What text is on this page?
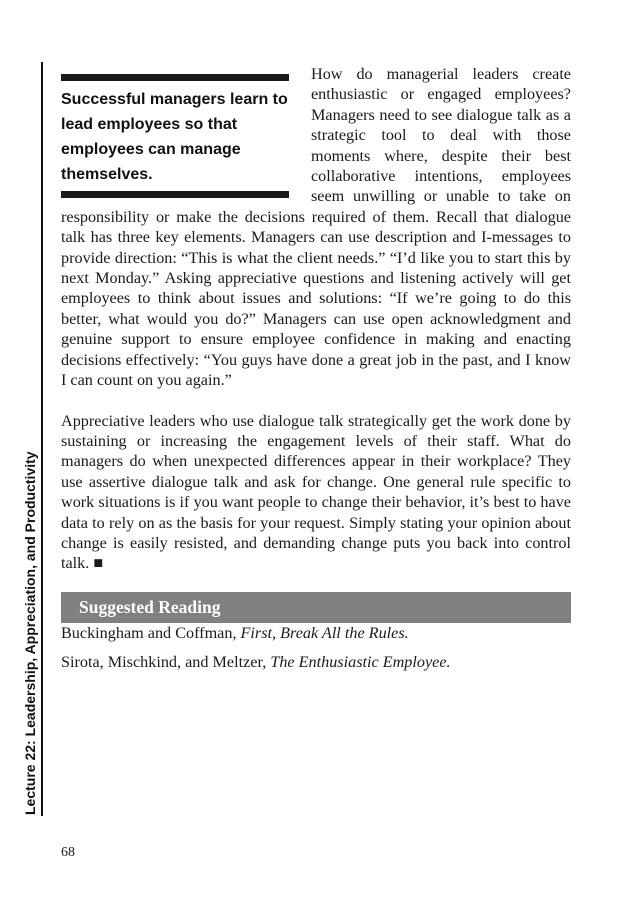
Lecture 22: Leadership, Appreciation, and Productivity

Successful managers learn to lead employees so that employees can manage themselves.
How do managerial leaders create enthusiastic or engaged employees? Managers need to see dialogue talk as a strategic tool to deal with those moments where, despite their best collaborative intentions, employees seem unwilling or unable to take on responsibility or make the decisions required of them. Recall that dialogue talk has three key elements. Managers can use description and I-messages to provide direction: “This is what the client needs.” “I’d like you to start this by next Monday.” Asking appreciative questions and listening actively will get employees to think about issues and solutions: “If we’re going to do this better, what would you do?” Managers can use open acknowledgment and genuine support to ensure employee confidence in making and enacting decisions effectively: “You guys have done a great job in the past, and I know I can count on you again.”

Appreciative leaders who use dialogue talk strategically get the work done by sustaining or increasing the engagement levels of their staff. What do managers do when unexpected differences appear in their workplace? They use assertive dialogue talk and ask for change. One general rule specific to work situations is if you want people to change their behavior, it’s best to have data to rely on as the basis for your request. Simply stating your opinion about change is easily resisted, and demanding change puts you back into control talk. ■

Suggested Reading

Buckingham and Coffman, First, Break All the Rules.

Sirota, Mischkind, and Meltzer, The Enthusiastic Employee.

68
